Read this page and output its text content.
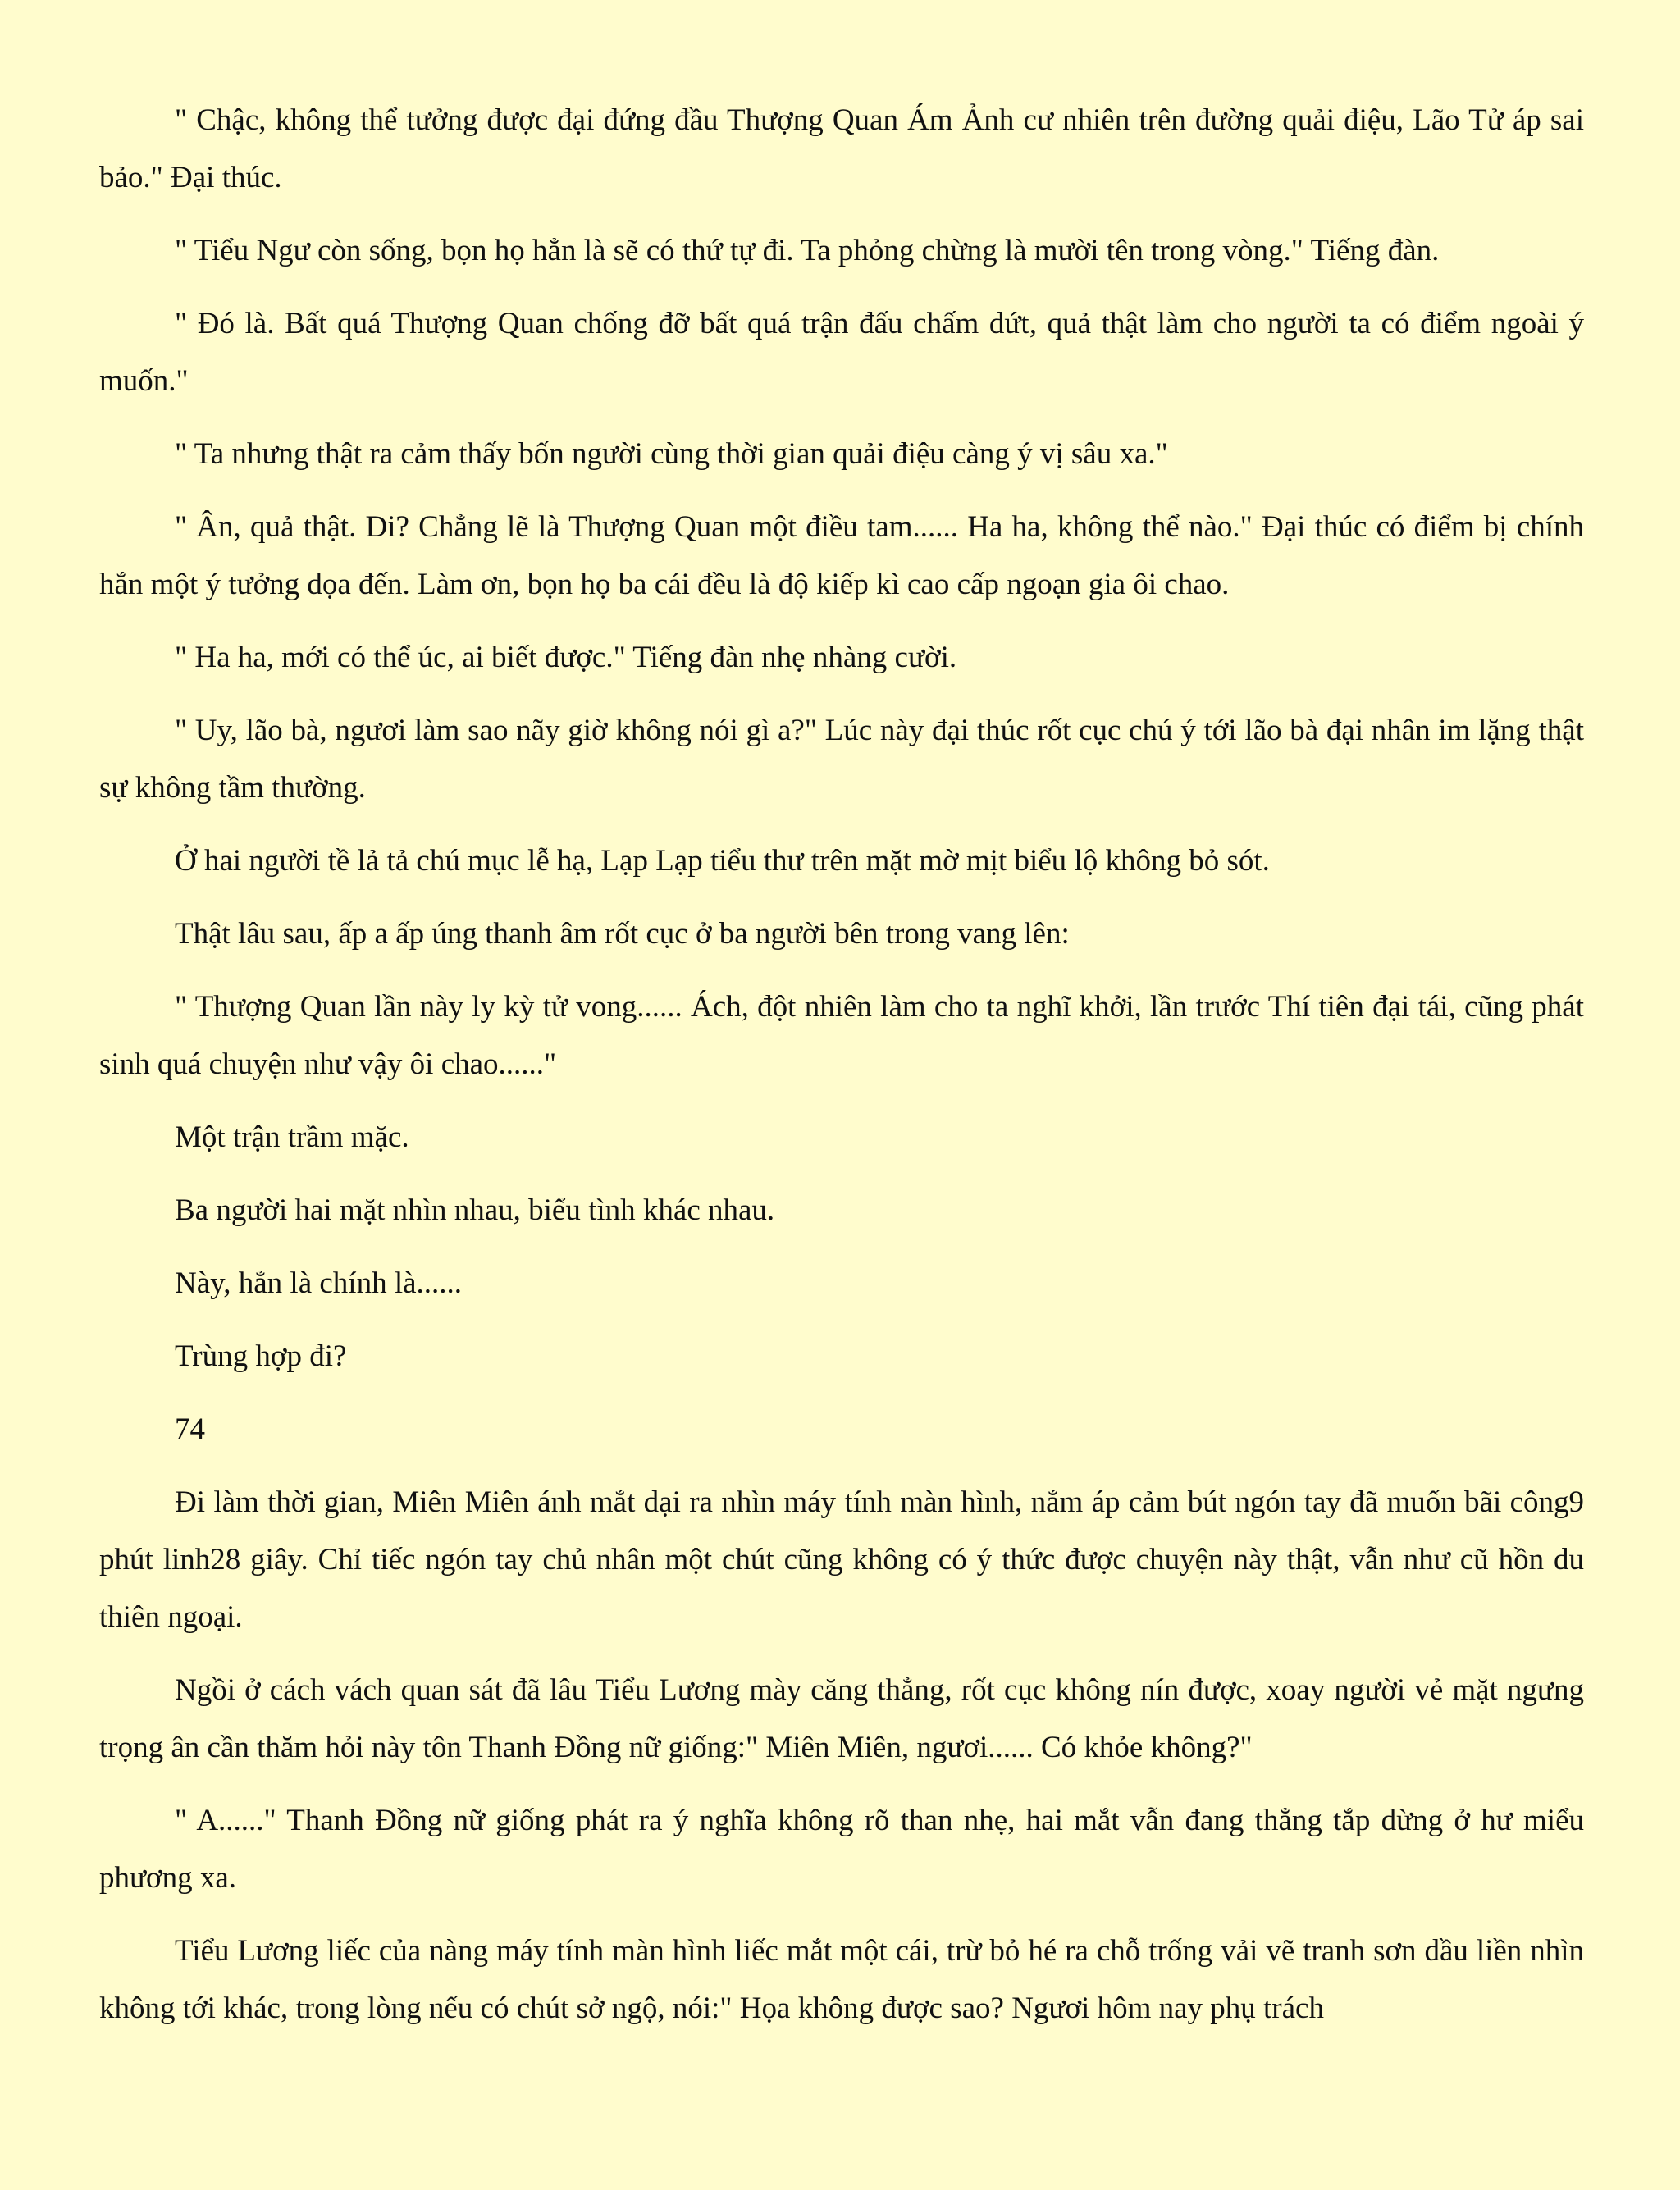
" Chậc, không thể tưởng được đại đứng đầu Thượng Quan Ám Ảnh cư nhiên trên đường quải điệu, Lão Tử áp sai bảo." Đại thúc.

" Tiểu Ngư còn sống, bọn họ hẳn là sẽ có thứ tự đi. Ta phỏng chừng là mười tên trong vòng." Tiếng đàn.

" Đó là. Bất quá Thượng Quan chống đỡ bất quá trận đấu chấm dứt, quả thật làm cho người ta có điểm ngoài ý muốn."

" Ta nhưng thật ra cảm thấy bốn người cùng thời gian quải điệu càng ý vị sâu xa."

" Ân, quả thật. Di? Chẳng lẽ là Thượng Quan một điều tam...... Ha ha, không thể nào." Đại thúc có điểm bị chính hắn một ý tưởng dọa đến. Làm ơn, bọn họ ba cái đều là độ kiếp kì cao cấp ngoạn gia ôi chao.

" Ha ha, mới có thể úc, ai biết được." Tiếng đàn nhẹ nhàng cười.

" Uy, lão bà, ngươi làm sao nãy giờ không nói gì a?" Lúc này đại thúc rốt cục chú ý tới lão bà đại nhân im lặng thật sự không tầm thường.

Ở hai người tề lả tả chú mục lễ hạ, Lạp Lạp tiểu thư trên mặt mờ mịt biểu lộ không bỏ sót.

Thật lâu sau, ấp a ấp úng thanh âm rốt cục ở ba người bên trong vang lên:

" Thượng Quan lần này ly kỳ tử vong...... Ách, đột nhiên làm cho ta nghĩ khởi, lần trước Thí tiên đại tái, cũng phát sinh quá chuyện như vậy ôi chao......"

Một trận trầm mặc.

Ba người hai mặt nhìn nhau, biểu tình khác nhau.

Này, hẳn là chính là......

Trùng hợp đi?

74

Đi làm thời gian, Miên Miên ánh mắt dại ra nhìn máy tính màn hình, nắm áp cảm bút ngón tay đã muốn bãi công9 phút linh28 giây. Chỉ tiếc ngón tay chủ nhân một chút cũng không có ý thức được chuyện này thật, vẫn như cũ hồn du thiên ngoại.

Ngồi ở cách vách quan sát đã lâu Tiểu Lương mày căng thẳng, rốt cục không nín được, xoay người vẻ mặt ngưng trọng ân cần thăm hỏi này tôn Thanh Đồng nữ giống:" Miên Miên, ngươi...... Có khỏe không?"

" A......" Thanh Đồng nữ giống phát ra ý nghĩa không rõ than nhẹ, hai mắt vẫn đang thẳng tắp dừng ở hư miểu phương xa.

Tiểu Lương liếc của nàng máy tính màn hình liếc mắt một cái, trừ bỏ hé ra chỗ trống vải vẽ tranh sơn dầu liền nhìn không tới khác, trong lòng nếu có chút sở ngộ, nói:" Họa không được sao? Ngươi hôm nay phụ trách
